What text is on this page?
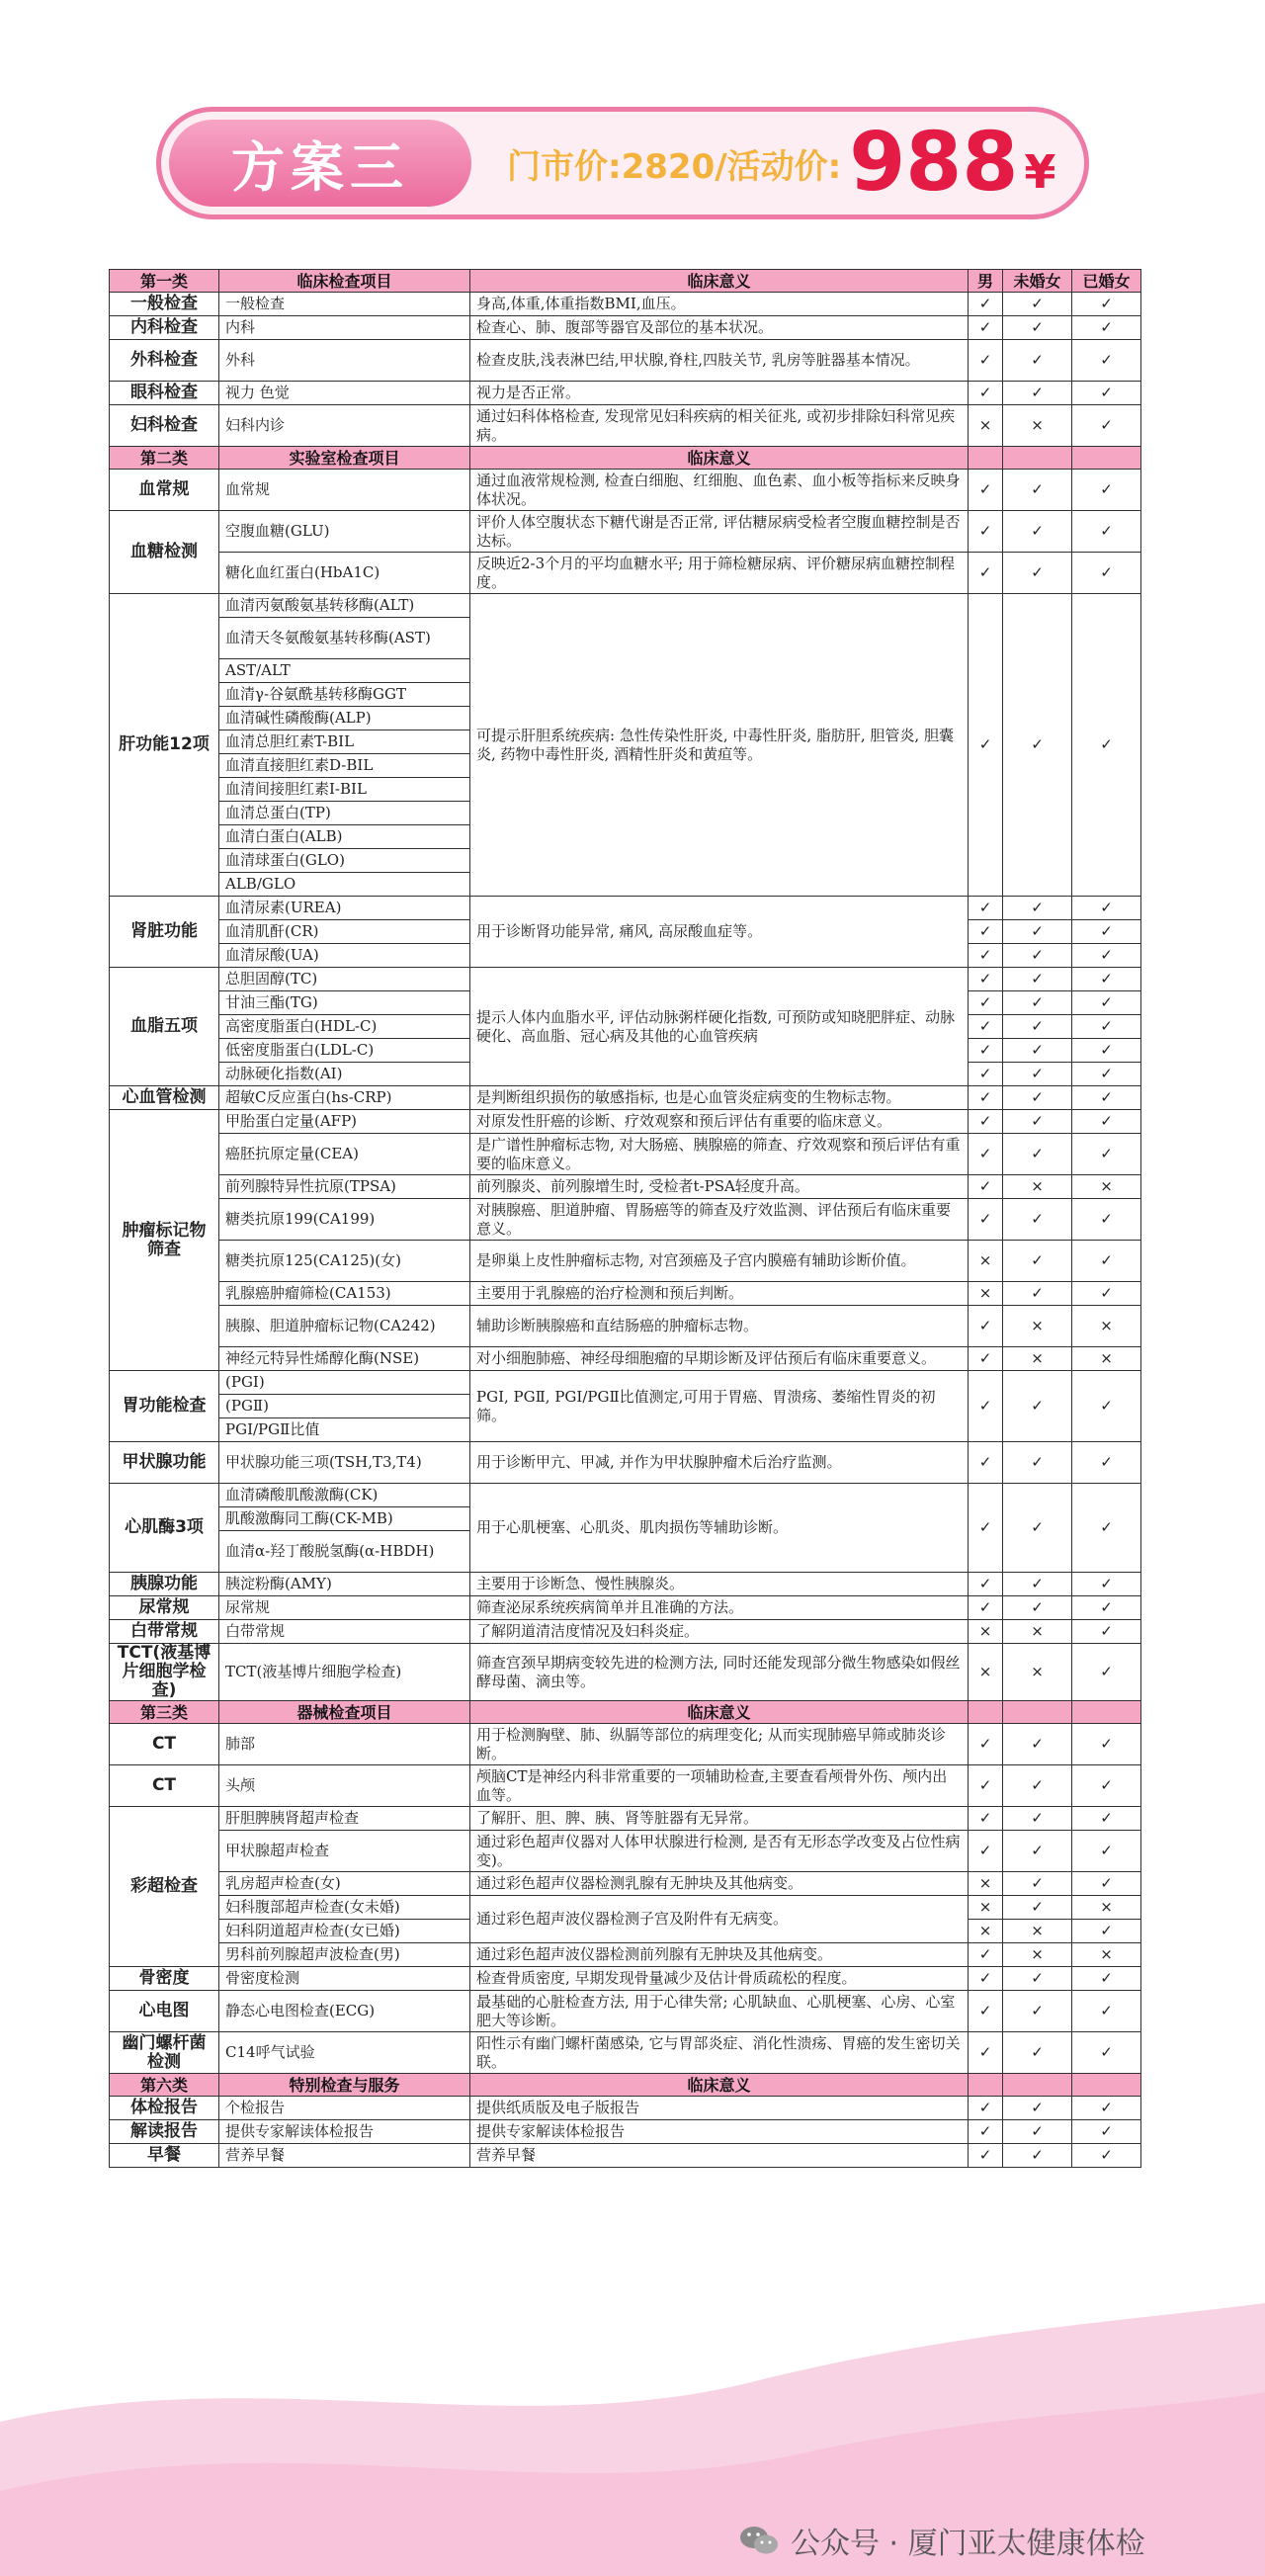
方案三	门市价:2820/活动价: 988 ¥
第一类	临床检查项目	临床意义	男	未婚女	已婚女
一般检查	一般检查	身高,体重,体重指数BMI,血压。	✓	✓	✓
内科检查	内科	检查心、肺、腹部等器官及部位的基本状况。	✓	✓	✓
外科检查	外科	检查皮肤,浅表淋巴结,甲状腺,脊柱,四肢关节, 乳房等脏器基本情况。	✓	✓	✓
眼科检查	视力 色觉	视力是否正常。	✓	✓	✓
妇科检查	妇科内诊	通过妇科体格检查, 发现常见妇科疾病的相关征兆, 或初步排除妇科常见疾病。	×	×	✓
第二类	实验室检查项目	临床意义			
血常规	血常规	通过血液常规检测, 检查白细胞、红细胞、血色素、血小板等指标来反映身体状况。	✓	✓	✓
血糖检测	空腹血糖(GLU)	评价人体空腹状态下糖代谢是否正常, 评估糖尿病受检者空腹血糖控制是否达标。	✓	✓	✓
	糖化血红蛋白(HbA1C)	反映近2-3个月的平均血糖水平; 用于筛检糖尿病、评价糖尿病血糖控制程度。	✓	✓	✓
肝功能12项	血清丙氨酸氨基转移酶(ALT)	可提示肝胆系统疾病: 急性传染性肝炎, 中毒性肝炎, 脂肪肝, 胆管炎, 胆囊炎, 药物中毒性肝炎, 酒精性肝炎和黄疸等。	✓	✓	✓
	血清天冬氨酸氨基转移酶(AST)				
	AST/ALT				
	血清γ-谷氨酰基转移酶GGT				
	血清碱性磷酸酶(ALP)				
	血清总胆红素T-BIL				
	血清直接胆红素D-BIL				
	血清间接胆红素I-BIL				
	血清总蛋白(TP)				
	血清白蛋白(ALB)				
	血清球蛋白(GLO)				
	ALB/GLO				
肾脏功能	血清尿素(UREA)	用于诊断肾功能异常, 痛风, 高尿酸血症等。	✓	✓	✓
	血清肌酐(CR)		✓	✓	✓
	血清尿酸(UA)		✓	✓	✓
血脂五项	总胆固醇(TC)	提示人体内血脂水平, 评估动脉粥样硬化指数, 可预防或知晓肥胖症、动脉硬化、高血脂、冠心病及其他的心血管疾病	✓	✓	✓
	甘油三酯(TG)		✓	✓	✓
	高密度脂蛋白(HDL-C)		✓	✓	✓
	低密度脂蛋白(LDL-C)		✓	✓	✓
	动脉硬化指数(AI)		✓	✓	✓
心血管检测	超敏C反应蛋白(hs-CRP)	是判断组织损伤的敏感指标, 也是心血管炎症病变的生物标志物。	✓	✓	✓
肿瘤标记物筛查	甲胎蛋白定量(AFP)	对原发性肝癌的诊断、疗效观察和预后评估有重要的临床意义。	✓	✓	✓
	癌胚抗原定量(CEA)	是广谱性肿瘤标志物, 对大肠癌、胰腺癌的筛查、疗效观察和预后评估有重要的临床意义。	✓	✓	✓
	前列腺特异性抗原(TPSA)	前列腺炎、前列腺增生时, 受检者t-PSA轻度升高。	✓	×	×
	糖类抗原199(CA199)	对胰腺癌、胆道肿瘤、胃肠癌等的筛查及疗效监测、评估预后有临床重要意义。	✓	✓	✓
	糖类抗原125(CA125)(女)	是卵巢上皮性肿瘤标志物, 对宫颈癌及子宫内膜癌有辅助诊断价值。	×	✓	✓
	乳腺癌肿瘤筛检(CA153)	主要用于乳腺癌的治疗检测和预后判断。	×	✓	✓
	胰腺、胆道肿瘤标记物(CA242)	辅助诊断胰腺癌和直结肠癌的肿瘤标志物。	✓	×	×
	神经元特异性烯醇化酶(NSE)	对小细胞肺癌、神经母细胞瘤的早期诊断及评估预后有临床重要意义。	✓	×	×
胃功能检查	(PGⅠ)	PGⅠ, PGⅡ, PGⅠ/PGⅡ比值测定,可用于胃癌、胃溃疡、萎缩性胃炎的初筛。	✓	✓	✓
	(PGⅡ)				
	PGⅠ/PGⅡ比值				
甲状腺功能	甲状腺功能三项(TSH,T3,T4)	用于诊断甲亢、甲减, 并作为甲状腺肿瘤术后治疗监测。	✓	✓	✓
心肌酶3项	血清磷酸肌酸激酶(CK)	用于心肌梗塞、心肌炎、肌肉损伤等辅助诊断。	✓	✓	✓
	肌酸激酶同工酶(CK-MB)				
	血清α-羟丁酸脱氢酶(α-HBDH)				
胰腺功能	胰淀粉酶(AMY)	主要用于诊断急、慢性胰腺炎。	✓	✓	✓
尿常规	尿常规	筛查泌尿系统疾病简单并且准确的方法。	✓	✓	✓
白带常规	白带常规	了解阴道清洁度情况及妇科炎症。	×	×	✓
TCT(液基博片细胞学检查)	TCT(液基博片细胞学检查)	筛查宫颈早期病变较先进的检测方法, 同时还能发现部分微生物感染如假丝酵母菌、滴虫等。	×	×	✓
第三类	器械检查项目	临床意义			
CT	肺部	用于检测胸壁、肺、纵膈等部位的病理变化; 从而实现肺癌早筛或肺炎诊断。	✓	✓	✓
CT	头颅	颅脑CT是神经内科非常重要的一项辅助检查,主要查看颅骨外伤、颅内出血等。	✓	✓	✓
彩超检查	肝胆脾胰肾超声检查	了解肝、胆、脾、胰、肾等脏器有无异常。	✓	✓	✓
	甲状腺超声检查	通过彩色超声仪器对人体甲状腺进行检测, 是否有无形态学改变及占位性病变)。	✓	✓	✓
	乳房超声检查(女)	通过彩色超声仪器检测乳腺有无肿块及其他病变。	×	✓	✓
	妇科腹部超声检查(女未婚)	通过彩色超声波仪器检测子宫及附件有无病变。	×	✓	×
	妇科阴道超声检查(女已婚)		×	×	✓
	男科前列腺超声波检查(男)	通过彩色超声波仪器检测前列腺有无肿块及其他病变。	✓	×	×
骨密度	骨密度检测	检查骨质密度, 早期发现骨量减少及估计骨质疏松的程度。	✓	✓	✓
心电图	静态心电图检查(ECG)	最基础的心脏检查方法, 用于心律失常; 心肌缺血、心肌梗塞、心房、心室肥大等诊断。	✓	✓	✓
幽门螺杆菌检测	C14呼气试验	阳性示有幽门螺杆菌感染, 它与胃部炎症、消化性溃疡、胃癌的发生密切关联。	✓	✓	✓
第六类	特别检查与服务	临床意义			
体检报告	个检报告	提供纸质版及电子版报告	✓	✓	✓
解读报告	提供专家解读体检报告	提供专家解读体检报告	✓	✓	✓
早餐	营养早餐	营养早餐	✓	✓	✓
公众号 · 厦门亚太健康体检
